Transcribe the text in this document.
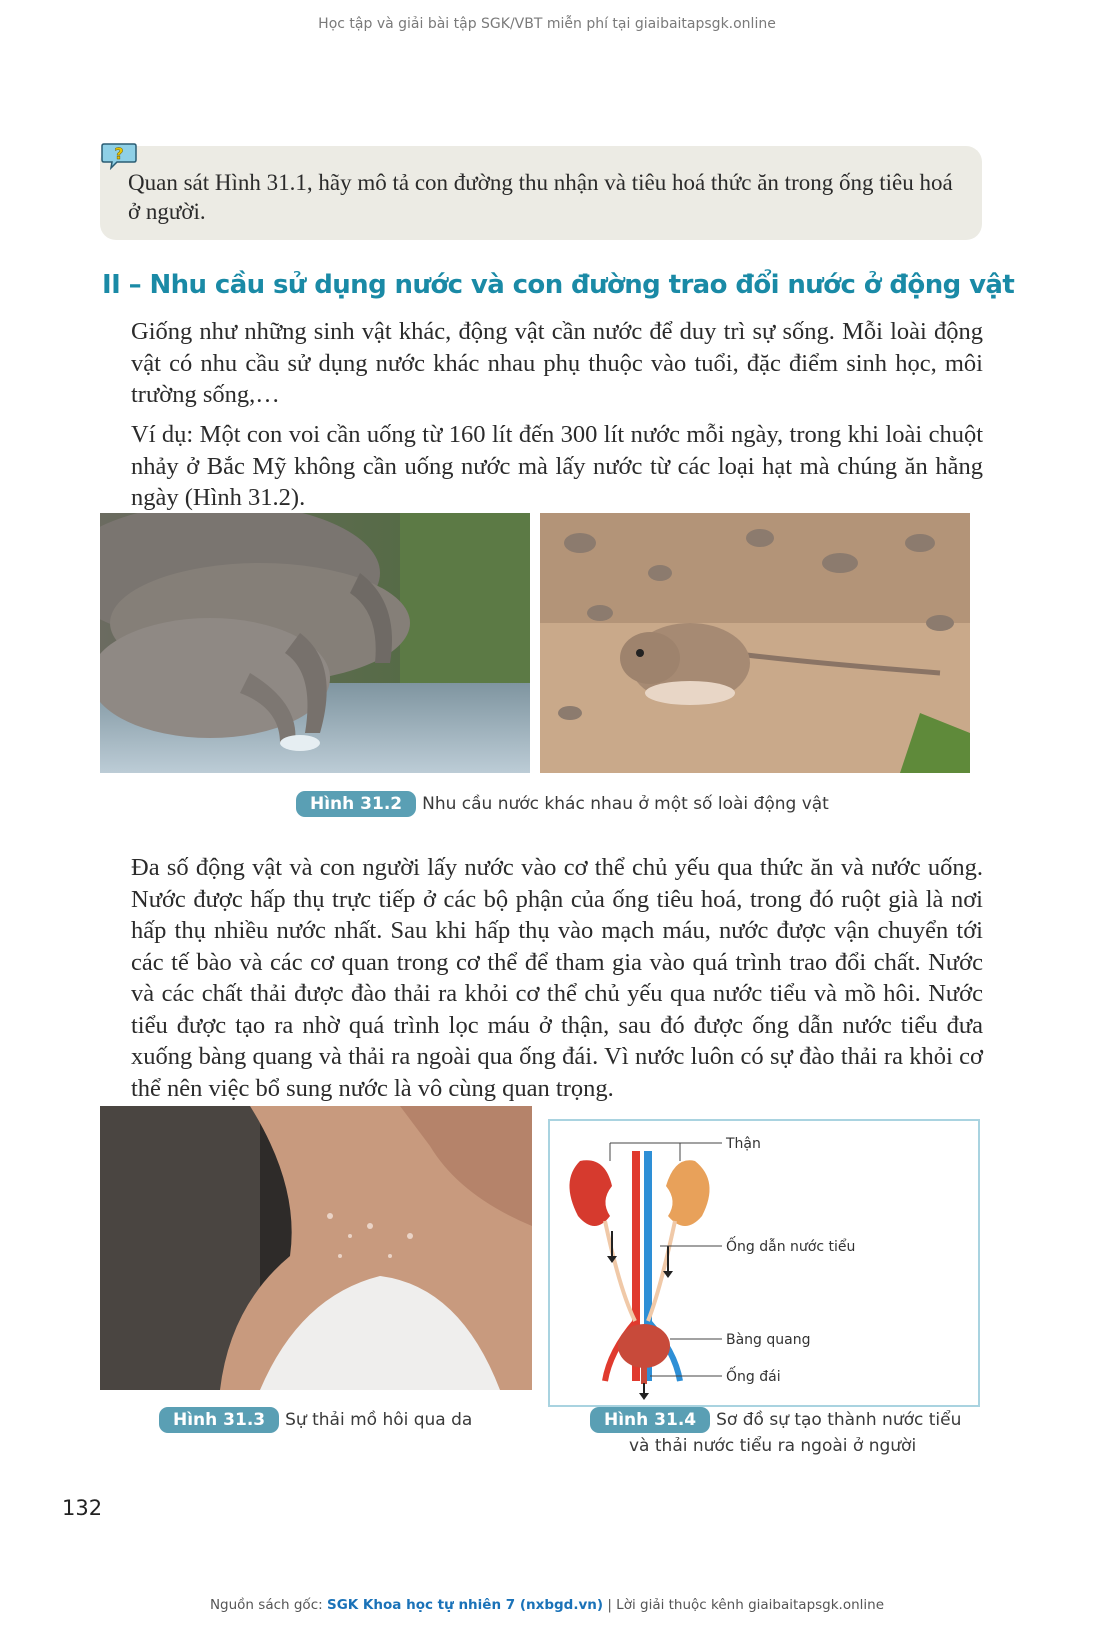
Học tập và giải bài tập SGK/VBT miễn phí tại giaibaitapsgk.online
?
Quan sát Hình 31.1, hãy mô tả con đường thu nhận và tiêu hoá thức ăn trong ống tiêu hoá ở người.
II – Nhu cầu sử dụng nước và con đường trao đổi nước ở động vật
Giống như những sinh vật khác, động vật cần nước để duy trì sự sống. Mỗi loài động vật có nhu cầu sử dụng nước khác nhau phụ thuộc vào tuổi, đặc điểm sinh học, môi trường sống,…
Ví dụ: Một con voi cần uống từ 160 lít đến 300 lít nước mỗi ngày, trong khi loài chuột nhảy ở Bắc Mỹ không cần uống nước mà lấy nước từ các loại hạt mà chúng ăn hằng ngày (Hình 31.2).
Hình 31.2 Nhu cầu nước khác nhau ở một số loài động vật
Đa số động vật và con người lấy nước vào cơ thể chủ yếu qua thức ăn và nước uống. Nước được hấp thụ trực tiếp ở các bộ phận của ống tiêu hoá, trong đó ruột già là nơi hấp thụ nhiều nước nhất. Sau khi hấp thụ vào mạch máu, nước được vận chuyển tới các tế bào và các cơ quan trong cơ thể để tham gia vào quá trình trao đổi chất. Nước và các chất thải được đào thải ra khỏi cơ thể chủ yếu qua nước tiểu và mồ hôi. Nước tiểu được tạo ra nhờ quá trình lọc máu ở thận, sau đó được ống dẫn nước tiểu đưa xuống bàng quang và thải ra ngoài qua ống đái. Vì nước luôn có sự đào thải ra khỏi cơ thể nên việc bổ sung nước là vô cùng quan trọng.
Thận
Ống dẫn nước tiểu
Bàng quang
Ống đái
Hình 31.3 Sự thải mồ hôi qua da	Hình 31.4 Sơ đồ sự tạo thành nước tiểu
và thải nước tiểu ra ngoài ở người
132
Nguồn sách gốc: SGK Khoa học tự nhiên 7 (nxbgd.vn) | Lời giải thuộc kênh giaibaitapsgk.online
